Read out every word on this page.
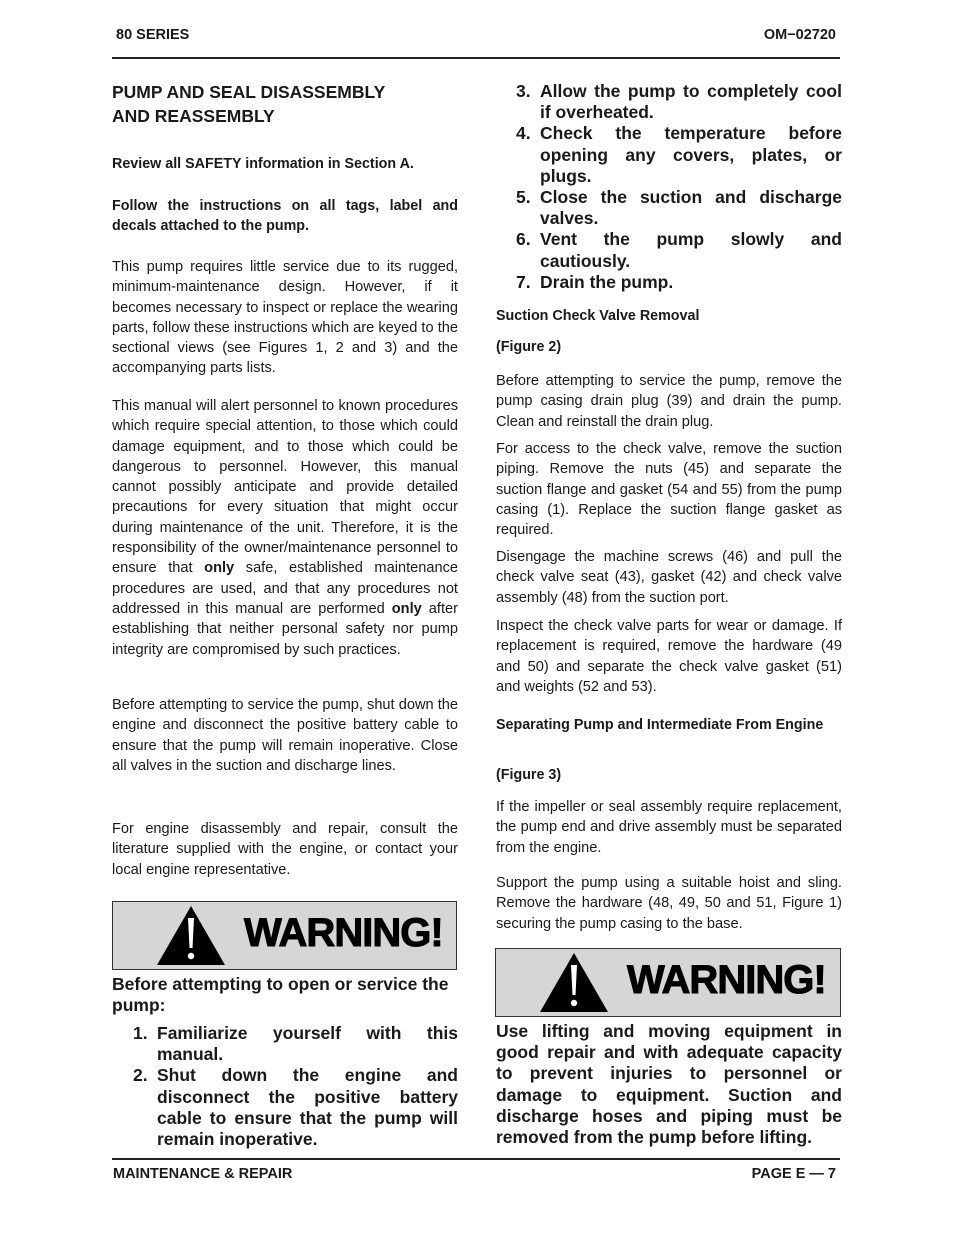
80 SERIES	OM−02720
PUMP AND SEAL DISASSEMBLY
AND REASSEMBLY

Review all SAFETY information in Section A.

Follow the instructions on all tags, label and decals attached to the pump.

This pump requires little service due to its rugged, minimum-maintenance design. However, if it becomes necessary to inspect or replace the wearing parts, follow these instructions which are keyed to the sectional views (see Figures 1, 2 and 3) and the accompanying parts lists.

This manual will alert personnel to known procedures which require special attention, to those which could damage equipment, and to those which could be dangerous to personnel. However, this manual cannot possibly anticipate and provide detailed precautions for every situation that might occur during maintenance of the unit. Therefore, it is the responsibility of the owner/maintenance personnel to ensure that only safe, established maintenance procedures are used, and that any procedures not addressed in this manual are performed only after establishing that neither personal safety nor pump integrity are compromised by such practices.

Before attempting to service the pump, shut down the engine and disconnect the positive battery cable to ensure that the pump will remain inoperative. Close all valves in the suction and discharge lines.

For engine disassembly and repair, consult the literature supplied with the engine, or contact your local engine representative.

WARNING!
Before attempting to open or service the pump:
1. Familiarize yourself with this manual.
2. Shut down the engine and disconnect the positive battery cable to ensure that the pump will remain inoperative.
3. Allow the pump to completely cool if overheated.
4. Check the temperature before opening any covers, plates, or plugs.
5. Close the suction and discharge valves.
6. Vent the pump slowly and cautiously.
7. Drain the pump.

Suction Check Valve Removal

(Figure 2)

Before attempting to service the pump, remove the pump casing drain plug (39) and drain the pump. Clean and reinstall the drain plug.

For access to the check valve, remove the suction piping. Remove the nuts (45) and separate the suction flange and gasket (54 and 55) from the pump casing (1). Replace the suction flange gasket as required.

Disengage the machine screws (46) and pull the check valve seat (43), gasket (42) and check valve assembly (48) from the suction port.

Inspect the check valve parts for wear or damage. If replacement is required, remove the hardware (49 and 50) and separate the check valve gasket (51) and weights (52 and 53).

Separating Pump and Intermediate From Engine

(Figure 3)

If the impeller or seal assembly require replacement, the pump end and drive assembly must be separated from the engine.

Support the pump using a suitable hoist and sling. Remove the hardware (48, 49, 50 and 51, Figure 1) securing the pump casing to the base.

WARNING!
Use lifting and moving equipment in good repair and with adequate capacity to prevent injuries to personnel or damage to equipment. Suction and discharge hoses and piping must be removed from the pump before lifting.
MAINTENANCE & REPAIR	PAGE E — 7
